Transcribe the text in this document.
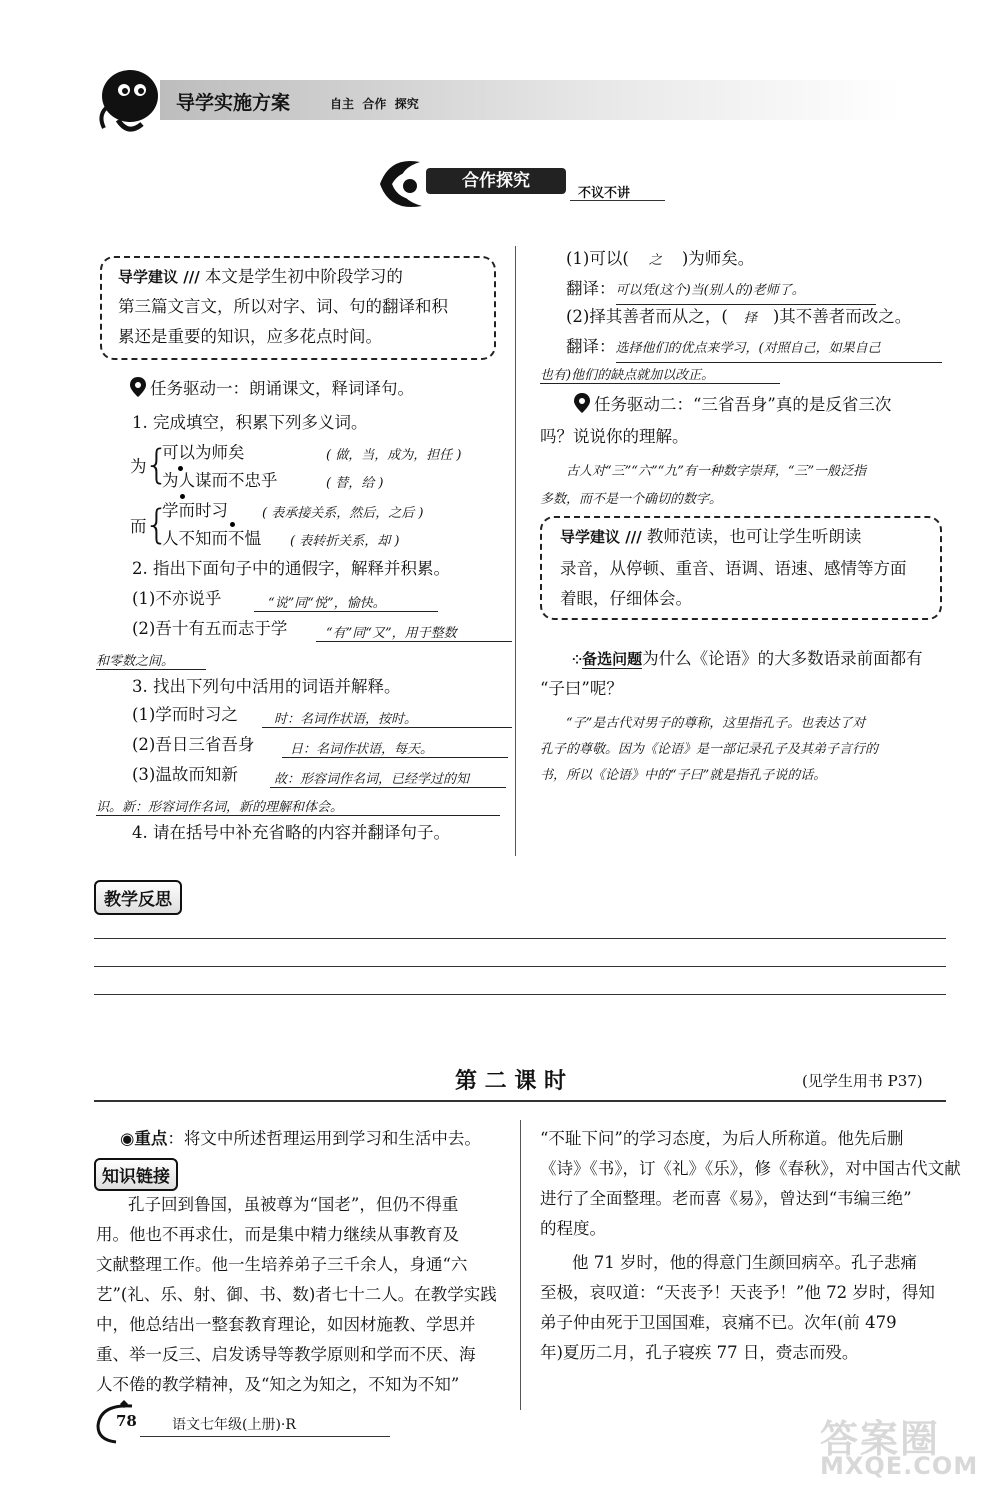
导学实施方案	自主  合作  探究
合作探究
不议不讲
导学建议 /// 本文是学生初中阶段学习的
第三篇文言文，所以对字、词、句的翻译和积
累还是重要的知识，应多花点时间。
任务驱动一：朗诵课文，释词译句。
1. 完成填空，积累下列多义词。
为
{
可以为师矣	( 做，当，成为，担任 )
为人谋而不忠乎	( 替，给 )
而
{
学而时习	( 表承接关系，然后，之后 )
人不知而不愠 ( 表转折关系，却 )
2. 指出下面句子中的通假字，解释并积累。
(1)不亦说乎	“说”同“悦”，愉快。
(2)吾十有五而志于学	“有”同“又”，用于整数
和零数之间。
3. 找出下列句中活用的词语并解释。
(1)学而时习之	时：名词作状语，按时。
(2)吾日三省吾身	日：名词作状语，每天。
(3)温故而知新	故：形容词作名词，已经学过的知
识。新：形容词作名词，新的理解和体会。
4. 请在括号中补充省略的内容并翻译句子。
(1)可以( 之 )为师矣。
翻译：可以凭(这个)当(别人的)老师了。
(2)择其善者而从之，( 择 )其不善者而改之。
翻译：选择他们的优点来学习，(对照自己，如果自己
也有)他们的缺点就加以改正。
任务驱动二：“三省吾身”真的是反省三次
吗？说说你的理解。
古人对“三”“六”“九”有一种数字崇拜，“三”一般泛指
多数，而不是一个确切的数字。
导学建议 /// 教师范读，也可让学生听朗读
录音，从停顿、重音、语调、语速、感情等方面
着眼，仔细体会。
⁘备选问题为什么《论语》的大多数语录前面都有
“子曰”呢？
“子”是古代对男子的尊称，这里指孔子。也表达了对
孔子的尊敬。因为《论语》是一部记录孔子及其弟子言行的
书，所以《论语》中的“子曰”就是指孔子说的话。
教学反思
第 二 课 时	(见学生用书 P37)
◉重点：将文中所述哲理运用到学习和生活中去。
知识链接
孔子回到鲁国，虽被尊为“国老”，但仍不得重
用。他也不再求仕，而是集中精力继续从事教育及
文献整理工作。他一生培养弟子三千余人，身通“六
艺”(礼、乐、射、御、书、数)者七十二人。在教学实践
中，他总结出一整套教育理论，如因材施教、学思并
重、举一反三、启发诱导等教学原则和学而不厌、海
人不倦的教学精神，及“知之为知之，不知为不知”
“不耻下问”的学习态度，为后人所称道。他先后删
《诗》《书》，订《礼》《乐》，修《春秋》，对中国古代文献
进行了全面整理。老而喜《易》，曾达到“韦编三绝”
的程度。
他 71 岁时，他的得意门生颜回病卒。孔子悲痛
至极，哀叹道：“天丧予！天丧予！”他 72 岁时，得知
弟子仲由死于卫国国难，哀痛不已。次年(前 479
年)夏历二月，孔子寝疾 77 日，赍志而殁。
78	语文七年级(上册)·R	答案圈
MXQE.COM
